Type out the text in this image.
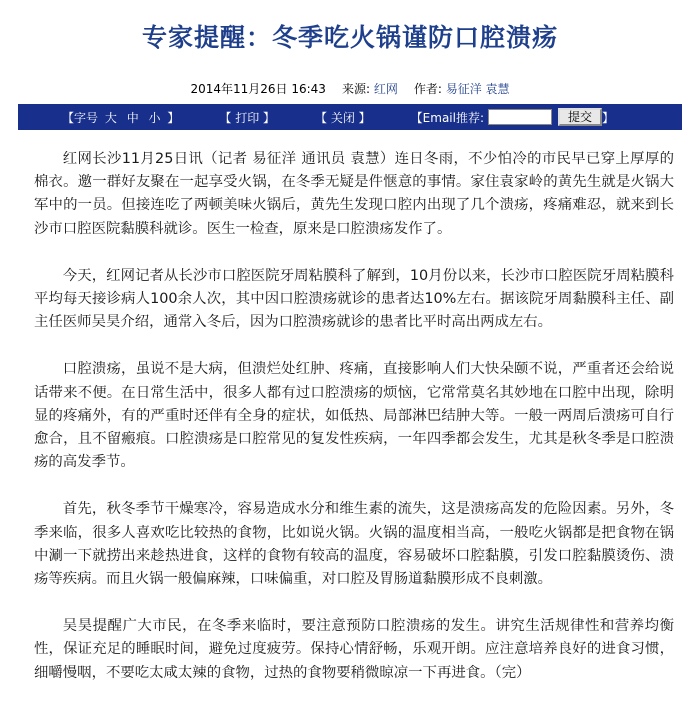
专家提醒：冬季吃火锅谨防口腔溃疡
2014年11月26日 16:43 来源: 红网 作者: 易征洋 袁慧
【字号 大 中 小 】	【 打印 】	【 关闭 】	【Email推荐:	提交 】

红网长沙11月25日讯（记者 易征洋 通讯员 袁慧）连日冬雨，不少怕冷的市民早已穿上厚厚的棉衣。邀一群好友聚在一起享受火锅，在冬季无疑是件惬意的事情。家住袁家岭的黄先生就是火锅大军中的一员。但接连吃了两顿美味火锅后，黄先生发现口腔内出现了几个溃疡，疼痛难忍，就来到长沙市口腔医院黏膜科就诊。医生一检查，原来是口腔溃疡发作了。

今天，红网记者从长沙市口腔医院牙周粘膜科了解到，10月份以来，长沙市口腔医院牙周粘膜科平均每天接诊病人100余人次，其中因口腔溃疡就诊的患者达10%左右。据该院牙周黏膜科主任、副主任医师吴昊介绍，通常入冬后，因为口腔溃疡就诊的患者比平时高出两成左右。

口腔溃疡，虽说不是大病，但溃烂处红肿、疼痛，直接影响人们大快朵颐不说，严重者还会给说话带来不便。在日常生活中，很多人都有过口腔溃疡的烦恼，它常常莫名其妙地在口腔中出现，除明显的疼痛外，有的严重时还伴有全身的症状，如低热、局部淋巴结肿大等。一般一两周后溃疡可自行愈合，且不留瘢痕。口腔溃疡是口腔常见的复发性疾病，一年四季都会发生，尤其是秋冬季是口腔溃疡的高发季节。

首先，秋冬季节干燥寒冷，容易造成水分和维生素的流失，这是溃疡高发的危险因素。另外，冬季来临，很多人喜欢吃比较热的食物，比如说火锅。火锅的温度相当高，一般吃火锅都是把食物在锅中涮一下就捞出来趁热进食，这样的食物有较高的温度，容易破坏口腔黏膜，引发口腔黏膜烫伤、溃疡等疾病。而且火锅一般偏麻辣，口味偏重，对口腔及胃肠道黏膜形成不良刺激。

吴昊提醒广大市民，在冬季来临时，要注意预防口腔溃疡的发生。讲究生活规律性和营养均衡性，保证充足的睡眠时间，避免过度疲劳。保持心情舒畅，乐观开朗。应注意培养良好的进食习惯，细嚼慢咽，不要吃太咸太辣的食物，过热的食物要稍微晾凉一下再进食。（完）
